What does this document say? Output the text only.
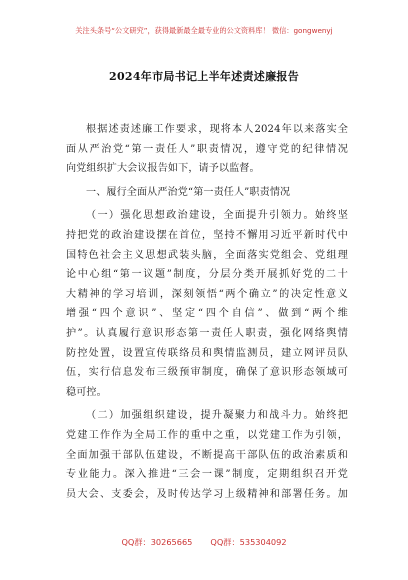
关注头条号“公文研究”，获得最新最全最专业的公文资料库！ 微信：gongwenyj
2024年市局书记上半年述责述廉报告
根据述责述廉工作要求，现将本人2024年以来落实全
面从严治党“第一责任人”职责情况，遵守党的纪律情况
向党组织扩大会议报告如下，请予以监督。
一、履行全面从严治党“第一责任人”职责情况
（一）强化思想政治建设，全面提升引领力。始终坚
持把党的政治建设摆在首位，坚持不懈用习近平新时代中
国特色社会主义思想武装头脑，全面落实党组会、党组理
论中心组“第一议题”制度，分层分类开展抓好党的二十
大精神的学习培训，深刻领悟“两个确立”的决定性意义
增强“四个意识”、坚定“四个自信”、做到“两个维
护”。认真履行意识形态第一责任人职责，强化网络舆情
防控处置，设置宣传联络员和舆情监测员，建立网评员队
伍，实行信息发布三级预审制度，确保了意识形态领域可
稳可控。
（二）加强组织建设，提升凝聚力和战斗力。始终把
党建工作作为全局工作的重中之重，以党建工作为引领，
全面加强干部队伍建设，不断提高干部队伍的政治素质和
专业能力。深入推进“三会一课”制度，定期组织召开党
员大会、支委会，及时传达学习上级精神和部署任务。加
QQ群：30265665 QQ群：535304092
